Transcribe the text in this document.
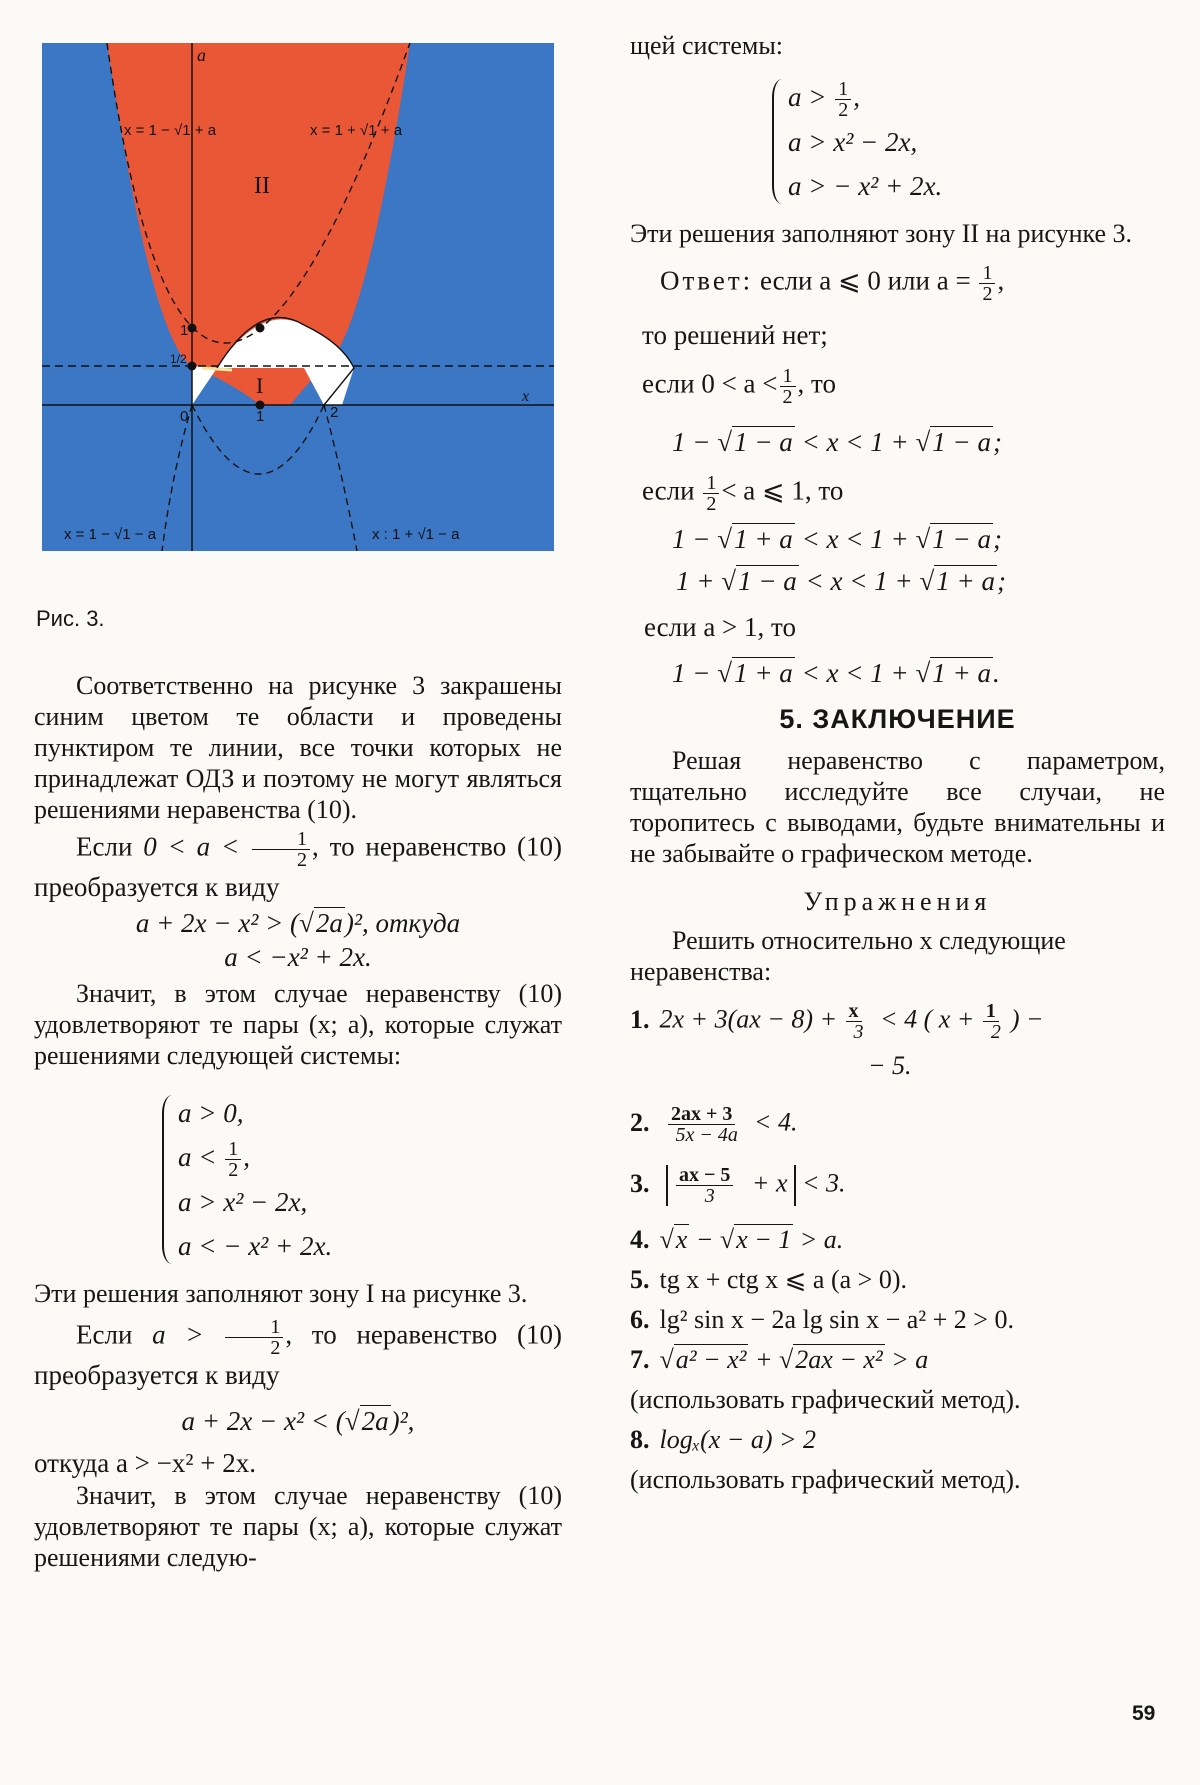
a
x
x = 1 − √1 + a	x = 1 + √1 + a
x = 1 − √1 − a	x : 1 + √1 − a
II
I
1
1/2
0	1	2
Рис. 3.

Соответственно на рисунке 3 закрашены синим цветом те области и проведены пунктиром те линии, все точки которых не принадлежат ОДЗ и поэтому не могут являться решениями неравенства (10).

Если $0 < a < \frac{1}{2}$ , то неравенство (10) преобразуется к виду

a + 2x − x² > (√2a)², откуда
a < −x² + 2x.

Значит, в этом случае неравенству (10) удовлетворяют те пары (x; a), которые служат решениями следующей системы:

a > 0,
$a < \frac{1}{2}$ ,
a > x² − 2x,
a < − x² + 2x.

Эти решения заполняют зону I на рисунке 3.

Если $a > \frac{1}{2}$ , то неравенство (10) преобразуется к виду

a + 2x − x² < (√2a)²,
откуда a > −x² + 2x.

Значит, в этом случае неравенству (10) удовлетворяют те пары (x; a), которые служат решениями следую-

щей системы:

$a > \frac{1}{2}$ ,
a > x² − 2x,
a > − x² + 2x.

Эти решения заполняют зону II на рисунке 3.

Ответ: если a ⩽ 0 или $a = \frac{1}{2}$ ,
то решений нет;
если $0 < a < \frac{1}{2}$ , то
1 − √1 − a < x < 1 + √1 − a;
если $\frac{1}{2} < a$ ⩽ 1, то
1 − √1 + a < x < 1 + √1 − a;
1 + √1 − a < x < 1 + √1 + a;
если a > 1, то
1 − √1 + a < x < 1 + √1 + a.
5. ЗАКЛЮЧЕНИЕ

Решая неравенство с параметром, тщательно исследуйте все случаи, не торопитесь с выводами, будьте внимательны и не забывайте о графическом методе.

Упражнения

Решить относительно x следующие неравенства:

1. $2x + 3(ax - 8) + \frac{x}{3} < 4$ ( $x + \frac{1}{2}$ ) −
− 5.
2. $\frac{2ax + 3}{5x - 4a} < 4$.
3. $\frac{ax - 5}{3} + x < 3$.
4. √x − √x − 1 > a.
5. tg x + ctg x ⩽ a (a > 0).
6. lg² sin x − 2a lg sin x − a² + 2 > 0.
7. √a² − x² + √2ax − x² > a
(использовать графический метод).
8. logₓ(x − a) > 2
(использовать графический метод).
59
